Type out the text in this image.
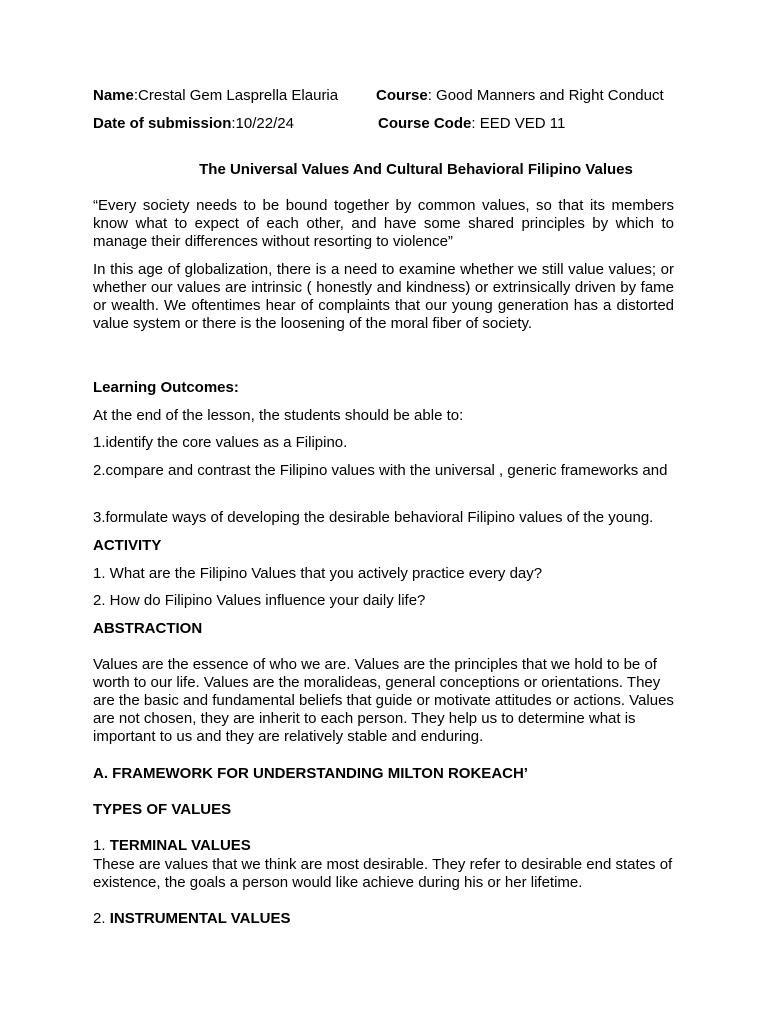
Name:Crestal Gem Lasprella Elauria	Course: Good Manners and Right Conduct
Date of submission:10/22/24	Course Code: EED VED 11
The Universal Values And Cultural Behavioral Filipino Values
“Every society needs to be bound together by common values, so that its members know what to expect of each other, and have some shared principles by which to manage their differences without resorting to violence”
In this age of globalization, there is a need to examine whether we still value values; or whether our values are intrinsic ( honestly and kindness) or extrinsically driven by fame or wealth. We oftentimes hear of complaints that our young generation has a distorted value system or there is the loosening of the moral fiber of society.
Learning Outcomes:
At the end of the lesson, the students should be able to:
1.identify the core values as a Filipino.
2.compare and contrast the Filipino values with the universal , generic frameworks and
3.formulate ways of developing the desirable behavioral Filipino values of the young.
ACTIVITY
1. What are the Filipino Values that you actively practice every day?
2. How do Filipino Values influence your daily life?
ABSTRACTION
Values are the essence of who we are. Values are the principles that we hold to be of worth to our life. Values are the moralideas, general conceptions or orientations. They are the basic and fundamental beliefs that guide or motivate attitudes or actions. Values are not chosen, they are inherit to each person. They help us to determine what is important to us and they are relatively stable and enduring.
A. FRAMEWORK FOR UNDERSTANDING MILTON ROKEACH’
TYPES OF VALUES
1. TERMINAL VALUES
These are values that we think are most desirable. They refer to desirable end states of existence, the goals a person would like achieve during his or her lifetime.
2. INSTRUMENTAL VALUES
